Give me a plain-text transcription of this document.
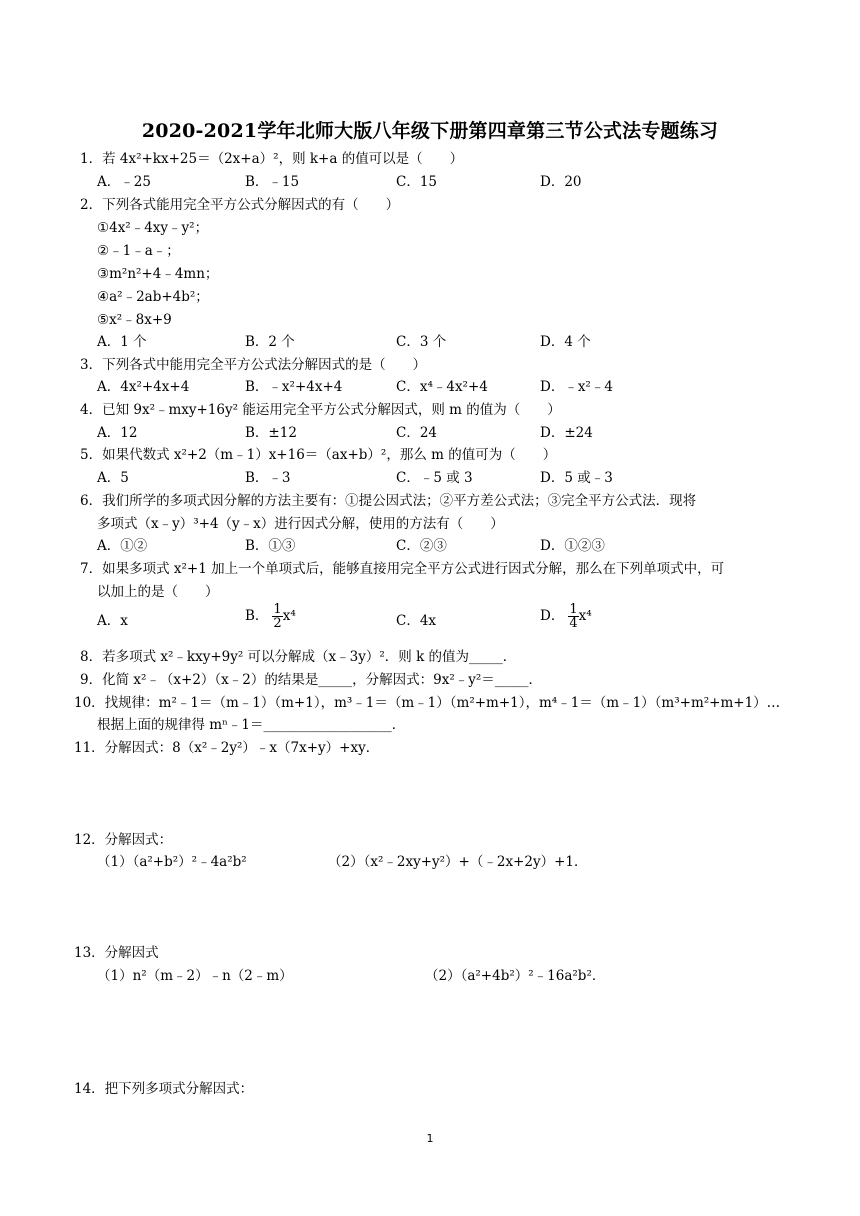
2020-2021学年北师大版八年级下册第四章第三节公式法专题练习
1．若 4x²+kx+25＝（2x+a）²，则 k+a 的值可以是（　　）
A．﹣25	B．﹣15	C．15	D．20
2．下列各式能用完全平方公式分解因式的有（　　）
①4x²﹣4xy﹣y²；
②﹣1﹣a﹣；
③m²n²+4﹣4mn；
④a²﹣2ab+4b²；
⑤x²﹣8x+9
A．1 个	B．2 个	C．3 个	D．4 个
3．下列各式中能用完全平方公式法分解因式的是（　　）
A．4x²+4x+4	B．﹣x²+4x+4	C．x⁴﹣4x²+4	D．﹣x²﹣4
4．已知 9x²﹣mxy+16y² 能运用完全平方公式分解因式，则 m 的值为（　　）
A．12	B．±12	C．24	D．±24
5．如果代数式 x²+2（m﹣1）x+16＝（ax+b）²，那么 m 的值可为（　　）
A．5	B．﹣3	C．﹣5 或 3	D．5 或﹣3
6．我们所学的多项式因分解的方法主要有：①提公因式法；②平方差公式法；③完全平方公式法．现将
多项式（x﹣y）³+4（y﹣x）进行因式分解，使用的方法有（　　）
A．①②	B．①③	C．②③	D．①②③
7．如果多项式 x²+1 加上一个单项式后，能够直接用完全平方公式进行因式分解，那么在下列单项式中，可
以加上的是（　　）
A．x	B． $\frac{1}{2} x^4$	C．4x	D． $\frac{1}{4} x^4$
8．若多项式 x²﹣kxy+9y² 可以分解成（x﹣3y）²．则 k 的值为_____．
9．化简 x²﹣（x+2）（x﹣2）的结果是_____，分解因式：9x²﹣y²＝_____．
10．找规律：m²﹣1＝（m﹣1）（m+1），m³﹣1＝（m﹣1）（m²+m+1），m⁴﹣1＝（m﹣1）（m³+m²+m+1）…
根据上面的规律得 mⁿ﹣1＝___________________．
11．分解因式：8（x²﹣2y²）﹣x（7x+y）+xy．
12．分解因式：
（1）（a²+b²）²﹣4a²b²	（2）（x²﹣2xy+y²）+（﹣2x+2y）+1．
13．分解因式
（1）n²（m﹣2）﹣n（2﹣m）	（2）（a²+4b²）²﹣16a²b²．
14．把下列多项式分解因式：
1
